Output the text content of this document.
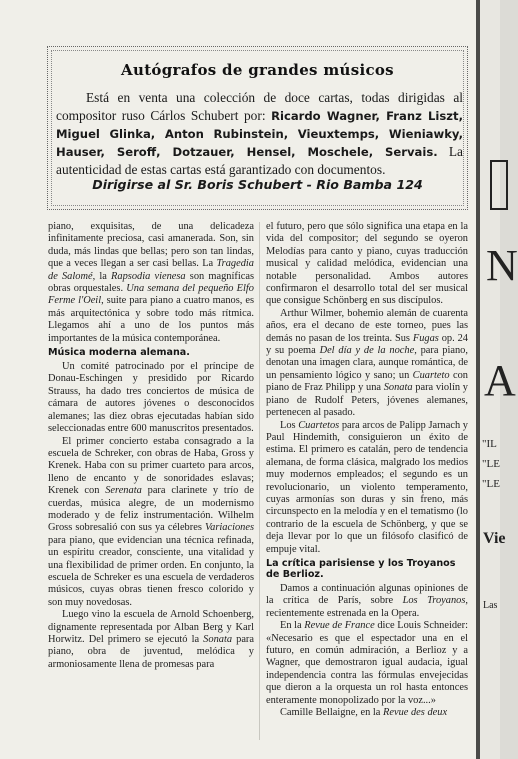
Autógrafos de grandes músicos
Está en venta una colección de doce cartas, todas dirigidas al compositor ruso Cárlos Schubert por: Ricardo Wagner, Franz Liszt, Miguel Glinka, Anton Rubinstein, Vieuxtemps, Wieniawky, Hauser, Seroff, Dotzauer, Hensel, Moschele, Servais. La autenticidad de estas cartas está garantizado con documentos.
Dirigirse al Sr. Boris Schubert - Rio Bamba 124

piano, exquisitas, de una delicadeza infinitamente preciosa, casi amanerada. Son, sin duda, más lindas que bellas; pero son tan lindas, que a veces llegan a ser casi bellas. La Tragedia de Salomé, la Rapsodia vienesa son magníficas obras orquestales. Una semana del pequeño Elfo Ferme l'Oeil, suite para piano a cuatro manos, es más arquitectónica y sobre todo más rítmica. Llegamos ahí a uno de los puntos más importantes de la música contemporánea.

Música moderna alemana.

Un comité patrocinado por el príncipe de Donau-Eschingen y presidido por Ricardo Strauss, ha dado tres conciertos de música de cámara de autores jóvenes o desconocidos alemanes; las diez obras ejecutadas habían sido seleccionadas entre 600 manuscritos presentados.

El primer concierto estaba consagrado a la escuela de Schreker, con obras de Haba, Gross y Krenek. Haba con su primer cuarteto para arcos, lleno de encanto y de sonoridades eslavas; Krenek con Serenata para clarinete y trío de cuerdas, música alegre, de un modernismo moderado y de feliz instrumentación. Wilhelm Gross sobresalió con sus ya célebres Variaciones para piano, que evidencian una técnica refinada, un espíritu creador, consciente, una vitalidad y una flexibilidad de primer orden. En conjunto, la escuela de Schreker es una escuela de verdaderos músicos, cuyas obras tienen fresco colorido y son muy novedosas.

Luego vino la escuela de Arnold Schoenberg, dignamente representada por Alban Berg y Karl Horwitz. Del primero se ejecutó la Sonata para piano, obra de juventud, melódica y armoniosamente llena de promesas para

el futuro, pero que sólo significa una etapa en la vida del compositor; del segundo se oyeron Melodías para canto y piano, cuyas traducción musical y calidad melódica, evidencian una notable personalidad. Ambos autores confirmaron el desarrollo total del ser musical que consigue Schönberg en sus discípulos.

Arthur Wilmer, bohemio alemán de cuarenta años, era el decano de este torneo, pues las demás no pasan de los treinta. Sus Fugas op. 24 y su poema Del día y de la noche, para piano, denotan una imagen clara, aunque romántica, de un pensamiento lógico y sano; un Cuarteto con piano de Fraz Philipp y una Sonata para violín y piano de Rudolf Peters, jóvenes alemanes, pertenecen al pasado.

Los Cuartetos para arcos de Palipp Jarnach y Paul Hindemith, consiguieron un éxito de estima. El primero es catalán, pero de tendencia alemana, de forma clásica, malgrado los medios muy modernos empleados; el segundo es un revolucionario, un violento temperamento, cuyas armonías son duras y sin freno, más circunspecto en la melodía y en el tematismo (lo contrario de la escuela de Schönberg, y que se deja llevar por lo que un filósofo clasificó de empuje vital.

La crítica parisiense y los Troyanos de Berlioz.

Damos a continuación algunas opiniones de la crítica de París, sobre Los Troyanos, recientemente estrenada en la Opera.

En la Revue de France dice Louis Schneider: «Necesario es que el espectador una en el futuro, en común admiración, a Berlioz y a Wagner, que demostraron igual audacia, igual independencia contra las fórmulas envejecidas que dieron a la orquesta un rol hasta entonces enteramente monopolizado por la voz...»

Camille Bellaigne, en la Revue des deux

N
A
"IL
"LE
"LE
Vie
Las
